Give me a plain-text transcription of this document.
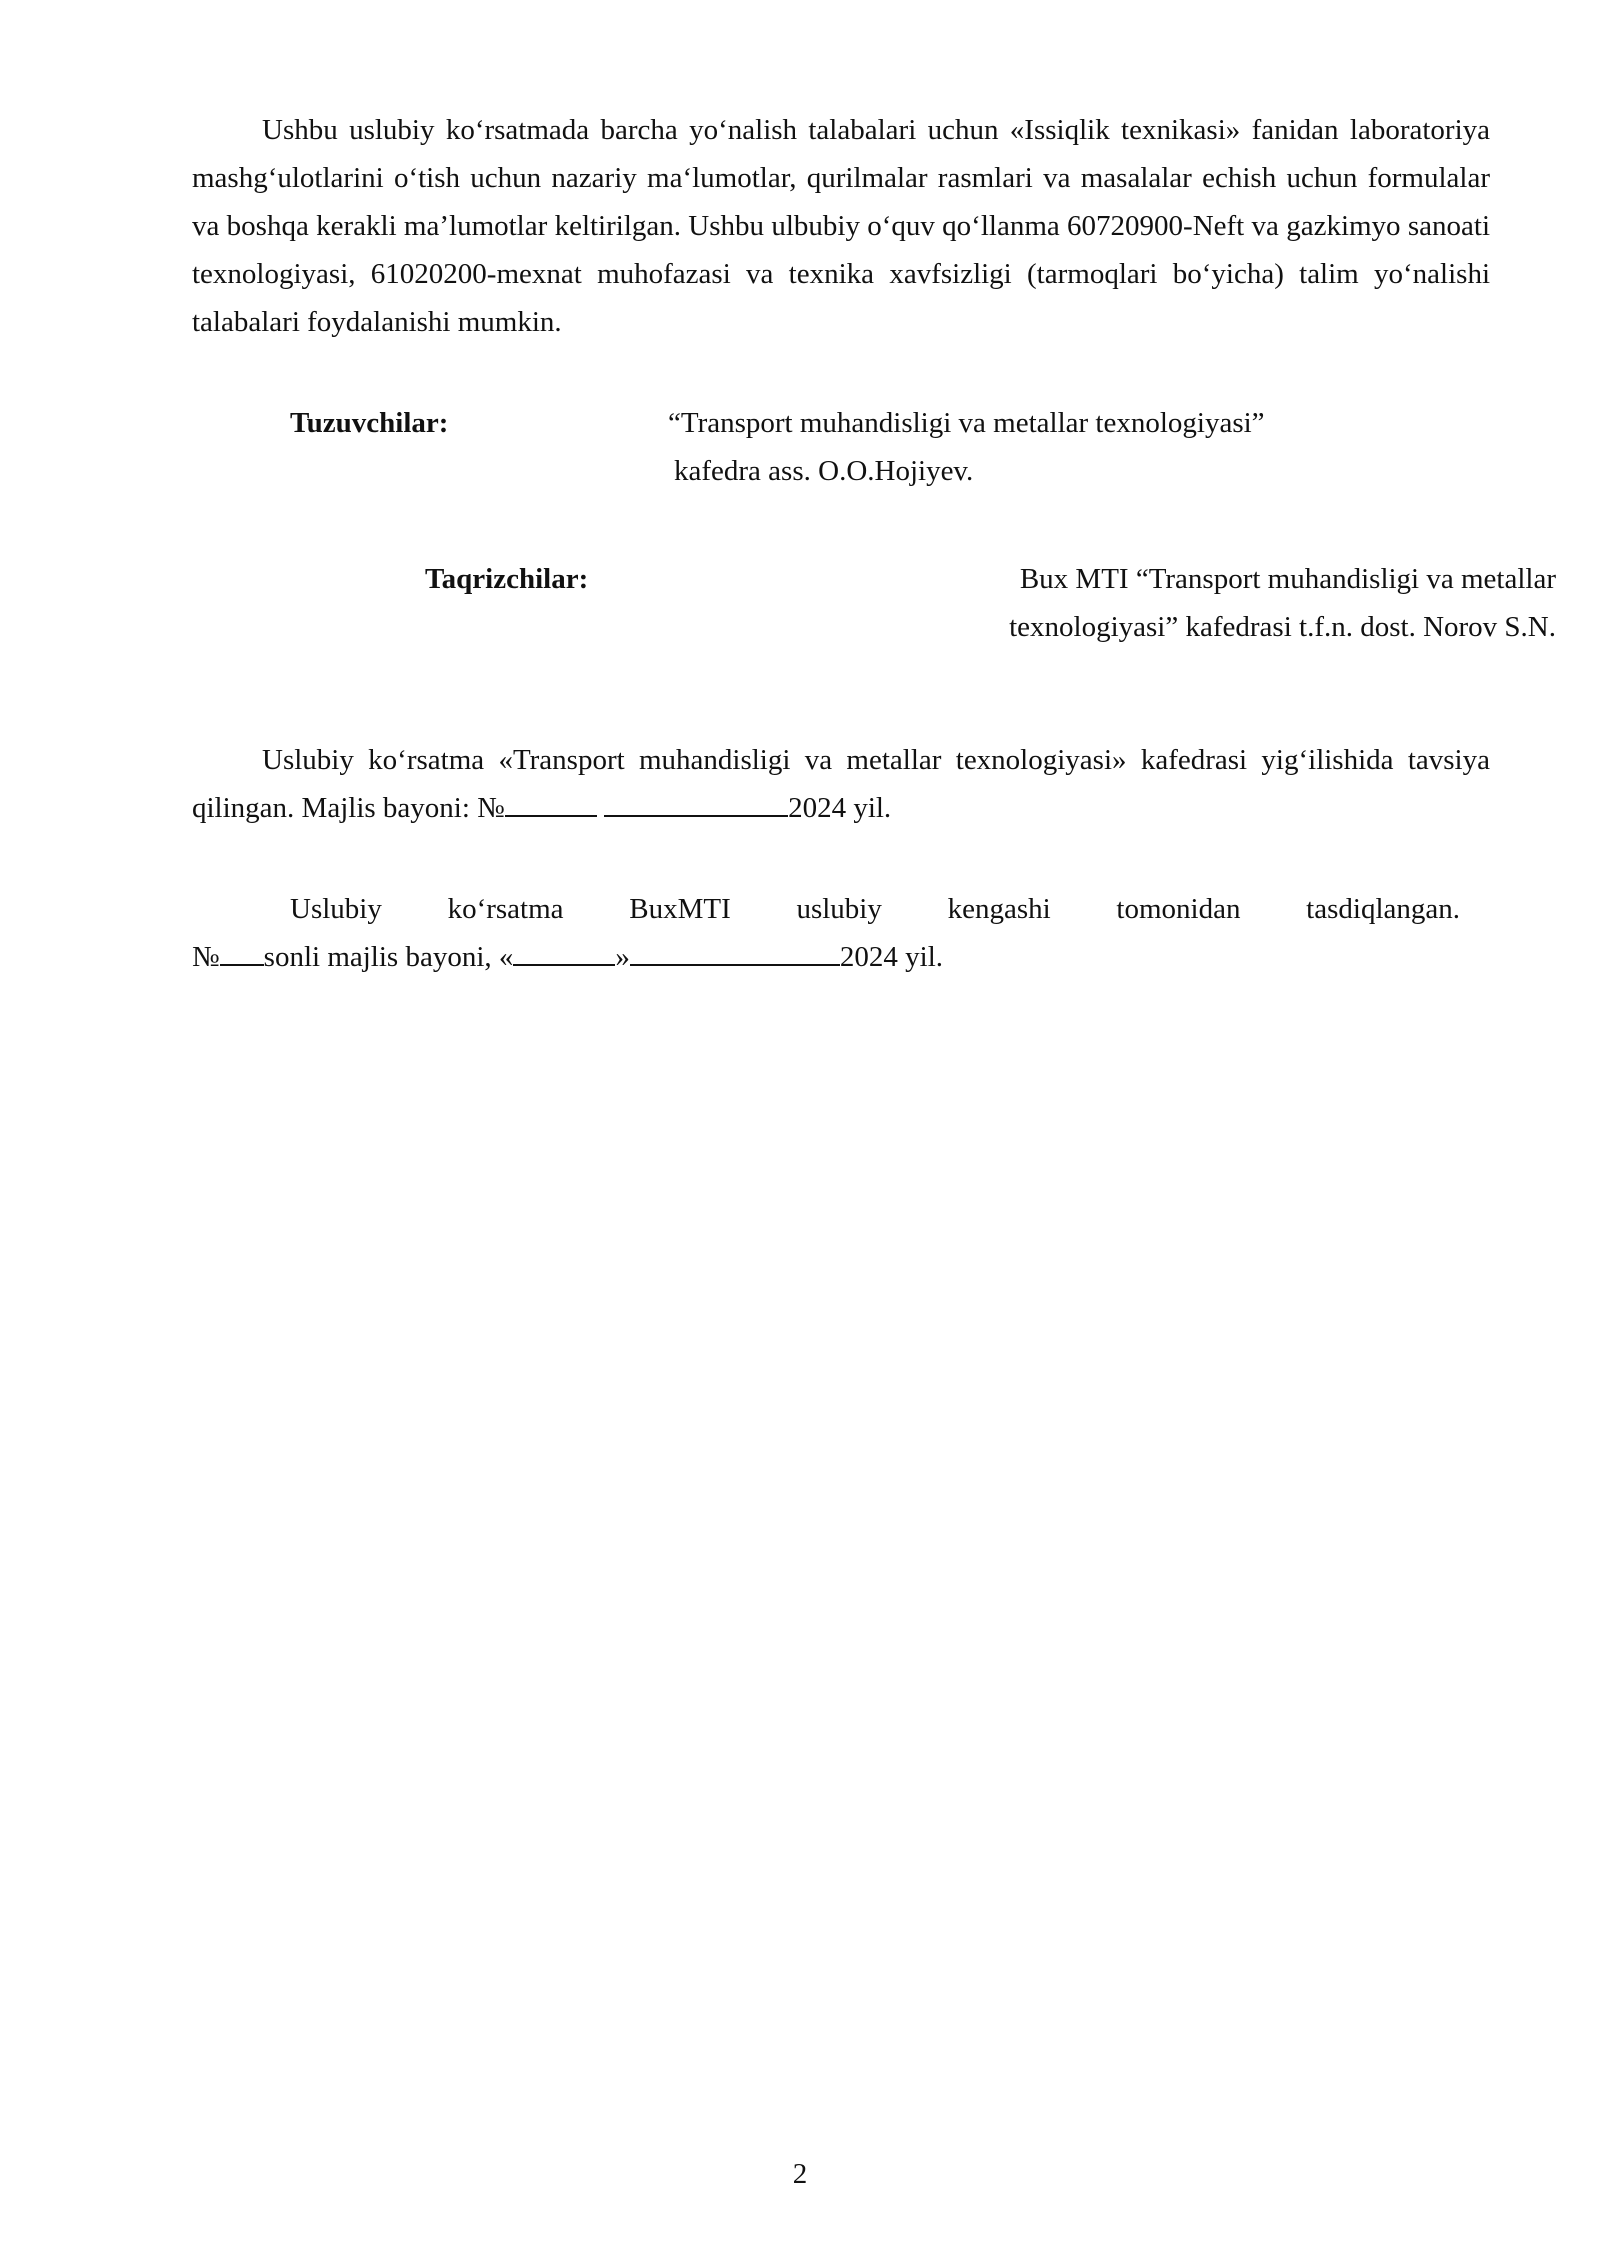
Ushbu uslubiy ko‘rsatmada barcha yo‘nalish talabalari uchun «Issiqlik texnikasi» fanidan laboratoriya mashg‘ulotlarini o‘tish uchun nazariy ma‘lumotlar, qurilmalar rasmlari va masalalar echish uchun formulalar va boshqa kerakli ma’lumotlar keltirilgan. Ushbu ulbubiy o‘quv qo‘llanma 60720900-Neft va gazkimyo sanoati texnologiyasi, 61020200-mexnat muhofazasi va texnika xavfsizligi (tarmoqlari bo‘yicha) talim yo‘nalishi talabalari foydalanishi mumkin.

Tuzuvchilar:	“Transport muhandisligi va metallar texnologiyasi”
kafedra ass. O.O.Hojiyev.

Taqrizchilar:	Bux MTI “Transport muhandisligi va metallar
texnologiyasi” kafedrasi t.f.n. dost. Norov S.N.

Uslubiy ko‘rsatma «Transport muhandisligi va metallar texnologiyasi» kafedrasi yig‘ilishida tavsiya qilingan. Majlis bayoni: №	2024 yil.

Uslubiy ko‘rsatma BuxMTI uslubiy kengashi tomonidan tasdiqlangan.
№ sonli majlis bayoni, «	»	2024 yil.

2
